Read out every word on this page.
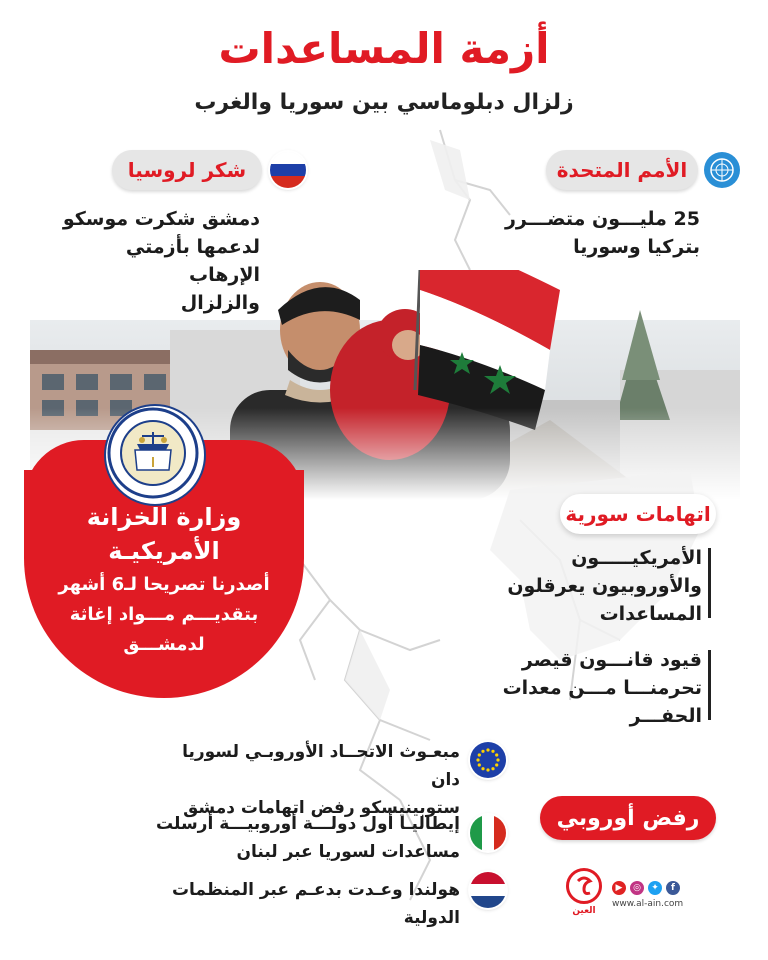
أزمة المساعدات
زلزال دبلوماسي بين سوريا والغرب
الأمم المتحدة
25 مليـــون متضـــرر
بتركيا وسوريا
شكر لروسيا
دمشق شكرت موسكو
لدعمها بأزمتي
وزارة الخزانة
الأمريكيـة
أصدرنا تصريحا لـ6 أشهر
بتقديـــم مـــواد إغاثة
لدمشـــق
اتهامات سورية
الأمريكيـــــون
والأوروبيون يعرقلون
المساعدات
قيود قانـــون قيصر
تحرمنـــا مـــن معدات
الحفـــر
مبعـوث الاتحــاد الأوروبـي لسوريا دان
ستوبينيسكو رفض اتهامات دمشق
إيطاليـا أول دولـــة أوروبيـــة أرسلت
مساعدات لسوريا عبر لبنان
هولندا وعـدت بدعـم عبر المنظمات الدولية
رفض أوروبي
العين
▶	◎	✦	f
www.al-ain.com
